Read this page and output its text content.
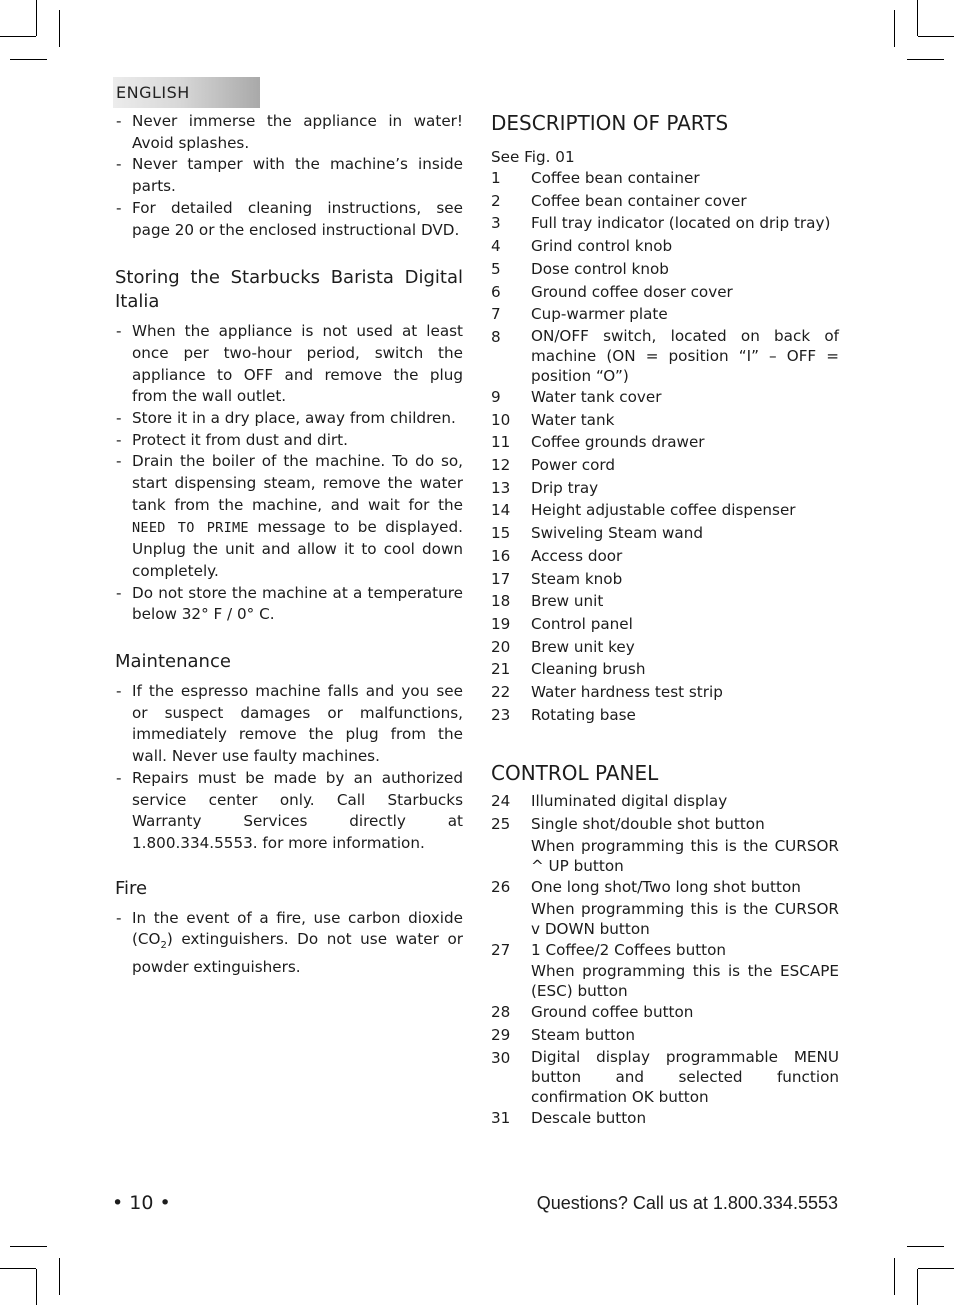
ENGLISH
- Never immerse the appliance in water! Avoid splashes.
- Never tamper with the machine’s inside parts.
- For detailed cleaning instructions, see page 20 or the enclosed instructional DVD.
Storing the Starbucks Barista Digital Italia
- When the appliance is not used at least once per two-hour period, switch the appliance to OFF and remove the plug from the wall outlet.
- Store it in a dry place, away from children.
- Protect it from dust and dirt.
- Drain the boiler of the machine. To do so, start dispensing steam, remove the water tank from the machine, and wait for the NEED TO PRIME message to be displayed. Unplug the unit and allow it to cool down completely.
- Do not store the machine at a temperature below 32° F / 0° C.
Maintenance
- If the espresso machine falls and you see or suspect damages or malfunctions, immediately remove the plug from the wall. Never use faulty machines.
- Repairs must be made by an authorized service center only. Call Starbucks Warranty Services directly at 1.800.334.5553. for more information.
Fire
- In the event of a fire, use carbon dioxide $(CO_2)$ extinguishers. Do not use water or powder extinguishers.
DESCRIPTION OF PARTS
See Fig. 01
1	Coffee bean container
2	Coffee bean container cover
3	Full tray indicator (located on drip tray)
4	Grind control knob
5	Dose control knob
6	Ground coffee doser cover
7	Cup-warmer plate
8	ON/OFF switch, located on back of machine (ON = position “I” – OFF = position “O”)
9	Water tank cover
10	Water tank
11	Coffee grounds drawer
12	Power cord
13	Drip tray
14	Height adjustable coffee dispenser
15	Swiveling Steam wand
16	Access door
17	Steam knob
18	Brew unit
19	Control panel
20	Brew unit key
21	Cleaning brush
22	Water hardness test strip
23	Rotating base
CONTROL PANEL
24	Illuminated digital display
25	Single shot/double shot button
When programming this is the CURSOR ^ UP button
26	One long shot/Two long shot button
When programming this is the CURSOR v DOWN button
27	1 Coffee/2 Coffees button
When programming this is the ESCAPE (ESC) button
28	Ground coffee button
29	Steam button
30	Digital display programmable MENU button and selected function confirmation OK button
31	Descale button
• 10 •	Questions? Call us at 1.800.334.5553
